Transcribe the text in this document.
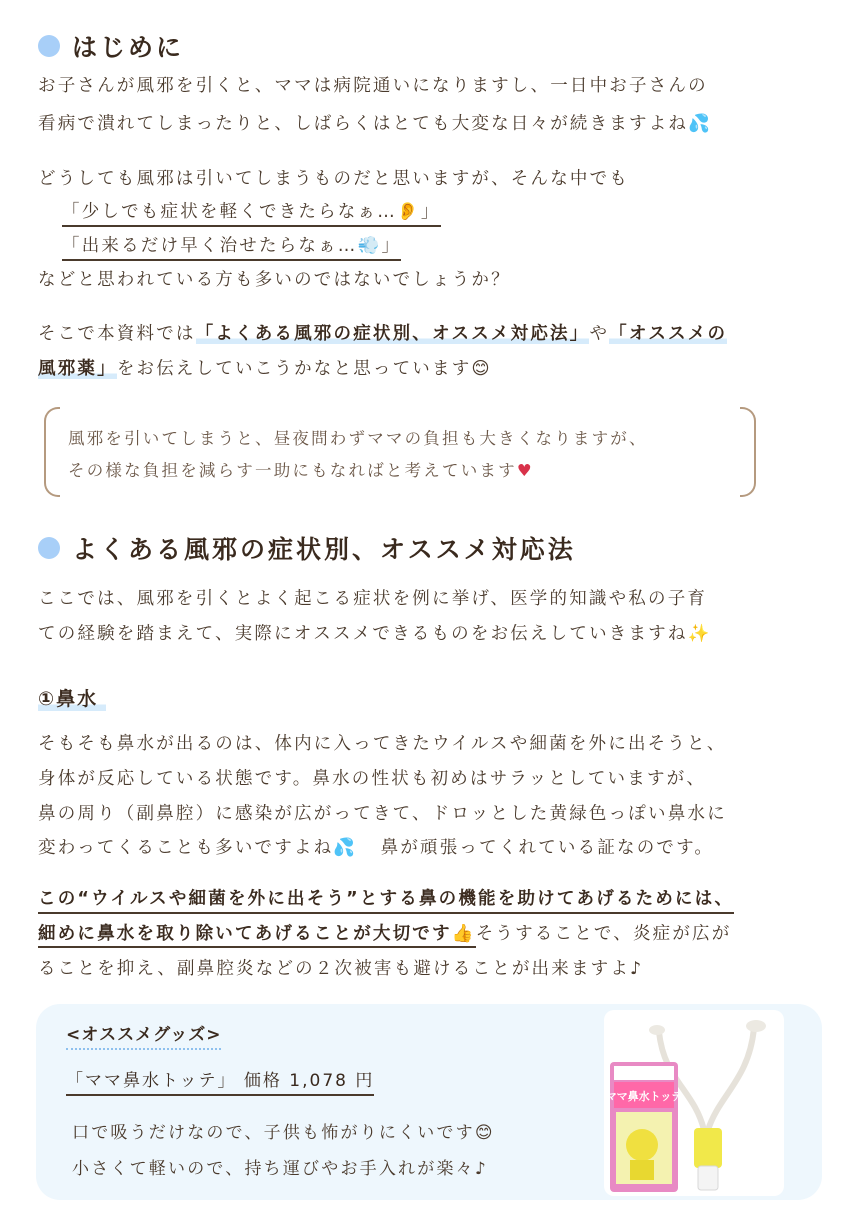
はじめに
お子さんが風邪を引くと、ママは病院通いになりますし、一日中お子さんの
看病で潰れてしまったりと、しばらくはとても大変な日々が続きますよね💦
どうしても風邪は引いてしまうものだと思いますが、そんな中でも
「少しでも症状を軽くできたらなぁ…👂」
「出来るだけ早く治せたらなぁ…💨」
などと思われている方も多いのではないでしょうか？
そこで本資料では「よくある風邪の症状別、オススメ対応法」や「オススメの
風邪薬」をお伝えしていこうかなと思っています😊
風邪を引いてしまうと、昼夜問わずママの負担も大きくなりますが、
その様な負担を減らす一助にもなればと考えています♥
よくある風邪の症状別、オススメ対応法
ここでは、風邪を引くとよく起こる症状を例に挙げ、医学的知識や私の子育
ての経験を踏まえて、実際にオススメできるものをお伝えしていきますね✨
①鼻水
そもそも鼻水が出るのは、体内に入ってきたウイルスや細菌を外に出そうと、
身体が反応している状態です。鼻水の性状も初めはサラッとしていますが、
鼻の周り（副鼻腔）に感染が広がってきて、ドロッとした黄緑色っぽい鼻水に
変わってくることも多いですよね💦 鼻が頑張ってくれている証なのです。
この“ウイルスや細菌を外に出そう”とする鼻の機能を助けてあげるためには、
細めに鼻水を取り除いてあげることが大切です👍そうすることで、炎症が広が
ることを抑え、副鼻腔炎などの２次被害も避けることが出来ますよ♪
<オススメグッズ>
「ママ鼻水トッテ」 価格 1,078 円
口で吸うだけなので、子供も怖がりにくいです😊
小さくて軽いので、持ち運びやお手入れが楽々♪
ママ鼻水トッテ
